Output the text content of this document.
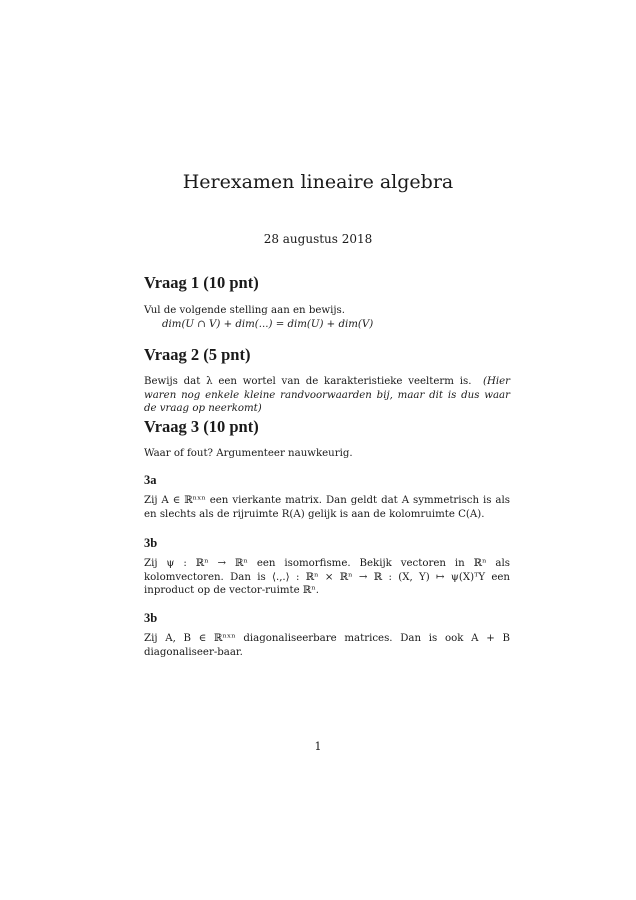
Herexamen lineaire algebra
28 augustus 2018
Vraag 1 (10 pnt)
Vul de volgende stelling aan en bewijs.
dim(U ∩ V) + dim(...) = dim(U) + dim(V)
Vraag 2 (5 pnt)
Bewijs dat λ een wortel van de karakteristieke veelterm is. (Hier waren nog enkele kleine randvoorwaarden bij, maar dit is dus waar de vraag op neerkomt)
Vraag 3 (10 pnt)
Waar of fout? Argumenteer nauwkeurig.
3a
Zij A ∈ ℝⁿˣⁿ een vierkante matrix. Dan geldt dat A symmetrisch is als en slechts als de rijruimte R(A) gelijk is aan de kolomruimte C(A).
3b
Zij ψ : ℝⁿ → ℝⁿ een isomorfisme. Bekijk vectoren in ℝⁿ als kolomvectoren. Dan is ⟨.,.⟩ : ℝⁿ × ℝⁿ → ℝ : (X, Y) ↦ ψ(X)ᵀY een inproduct op de vector-ruimte ℝⁿ.
3b
Zij A, B ∈ ℝⁿˣⁿ diagonaliseerbare matrices. Dan is ook A + B diagonaliseer-baar.
1
